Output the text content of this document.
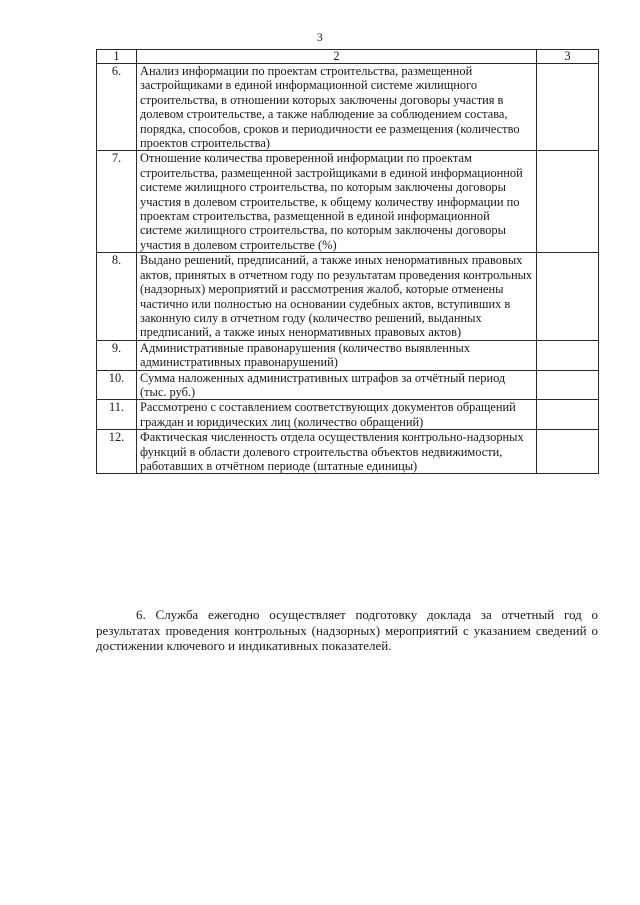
3
1	2	3
6.	Анализ информации по проектам строительства, размещенной застройщиками в единой информационной системе жилищного строительства, в отношении которых заключены договоры участия в долевом строительстве, а также наблюдение за соблюдением состава, порядка, способов, сроков и периодичности ее размещения (количество проектов строительства)	
7.	Отношение количества проверенной информации по проектам строительства, размещенной застройщиками в единой информационной системе жилищного строительства, по которым заключены договоры участия в долевом строительстве, к общему количеству информации по проектам строительства, размещенной в единой информационной системе жилищного строительства, по которым заключены договоры участия в долевом строительстве (%)	
8.	Выдано решений, предписаний, а также иных ненормативных правовых актов, принятых в отчетном году по результатам проведения контрольных (надзорных) мероприятий и рассмотрения жалоб, которые отменены частично или полностью на основании судебных актов, вступивших в законную силу в отчетном году (количество решений, выданных предписаний, а также иных ненормативных правовых актов)	
9.	Административные правонарушения (количество выявленных административных правонарушений)	
10.	Сумма наложенных административных штрафов за отчётный период (тыс. руб.)	
11.	Рассмотрено с составлением соответствующих документов обращений граждан и юридических лиц (количество обращений)	
12.	Фактическая численность отдела осуществления контрольно-надзорных функций в области долевого строительства объектов недвижимости, работавших в отчётном периоде (штатные единицы)	

6. Служба ежегодно осуществляет подготовку доклада за отчетный год о результатах проведения контрольных (надзорных) мероприятий с указанием сведений о достижении ключевого и индикативных показателей.
